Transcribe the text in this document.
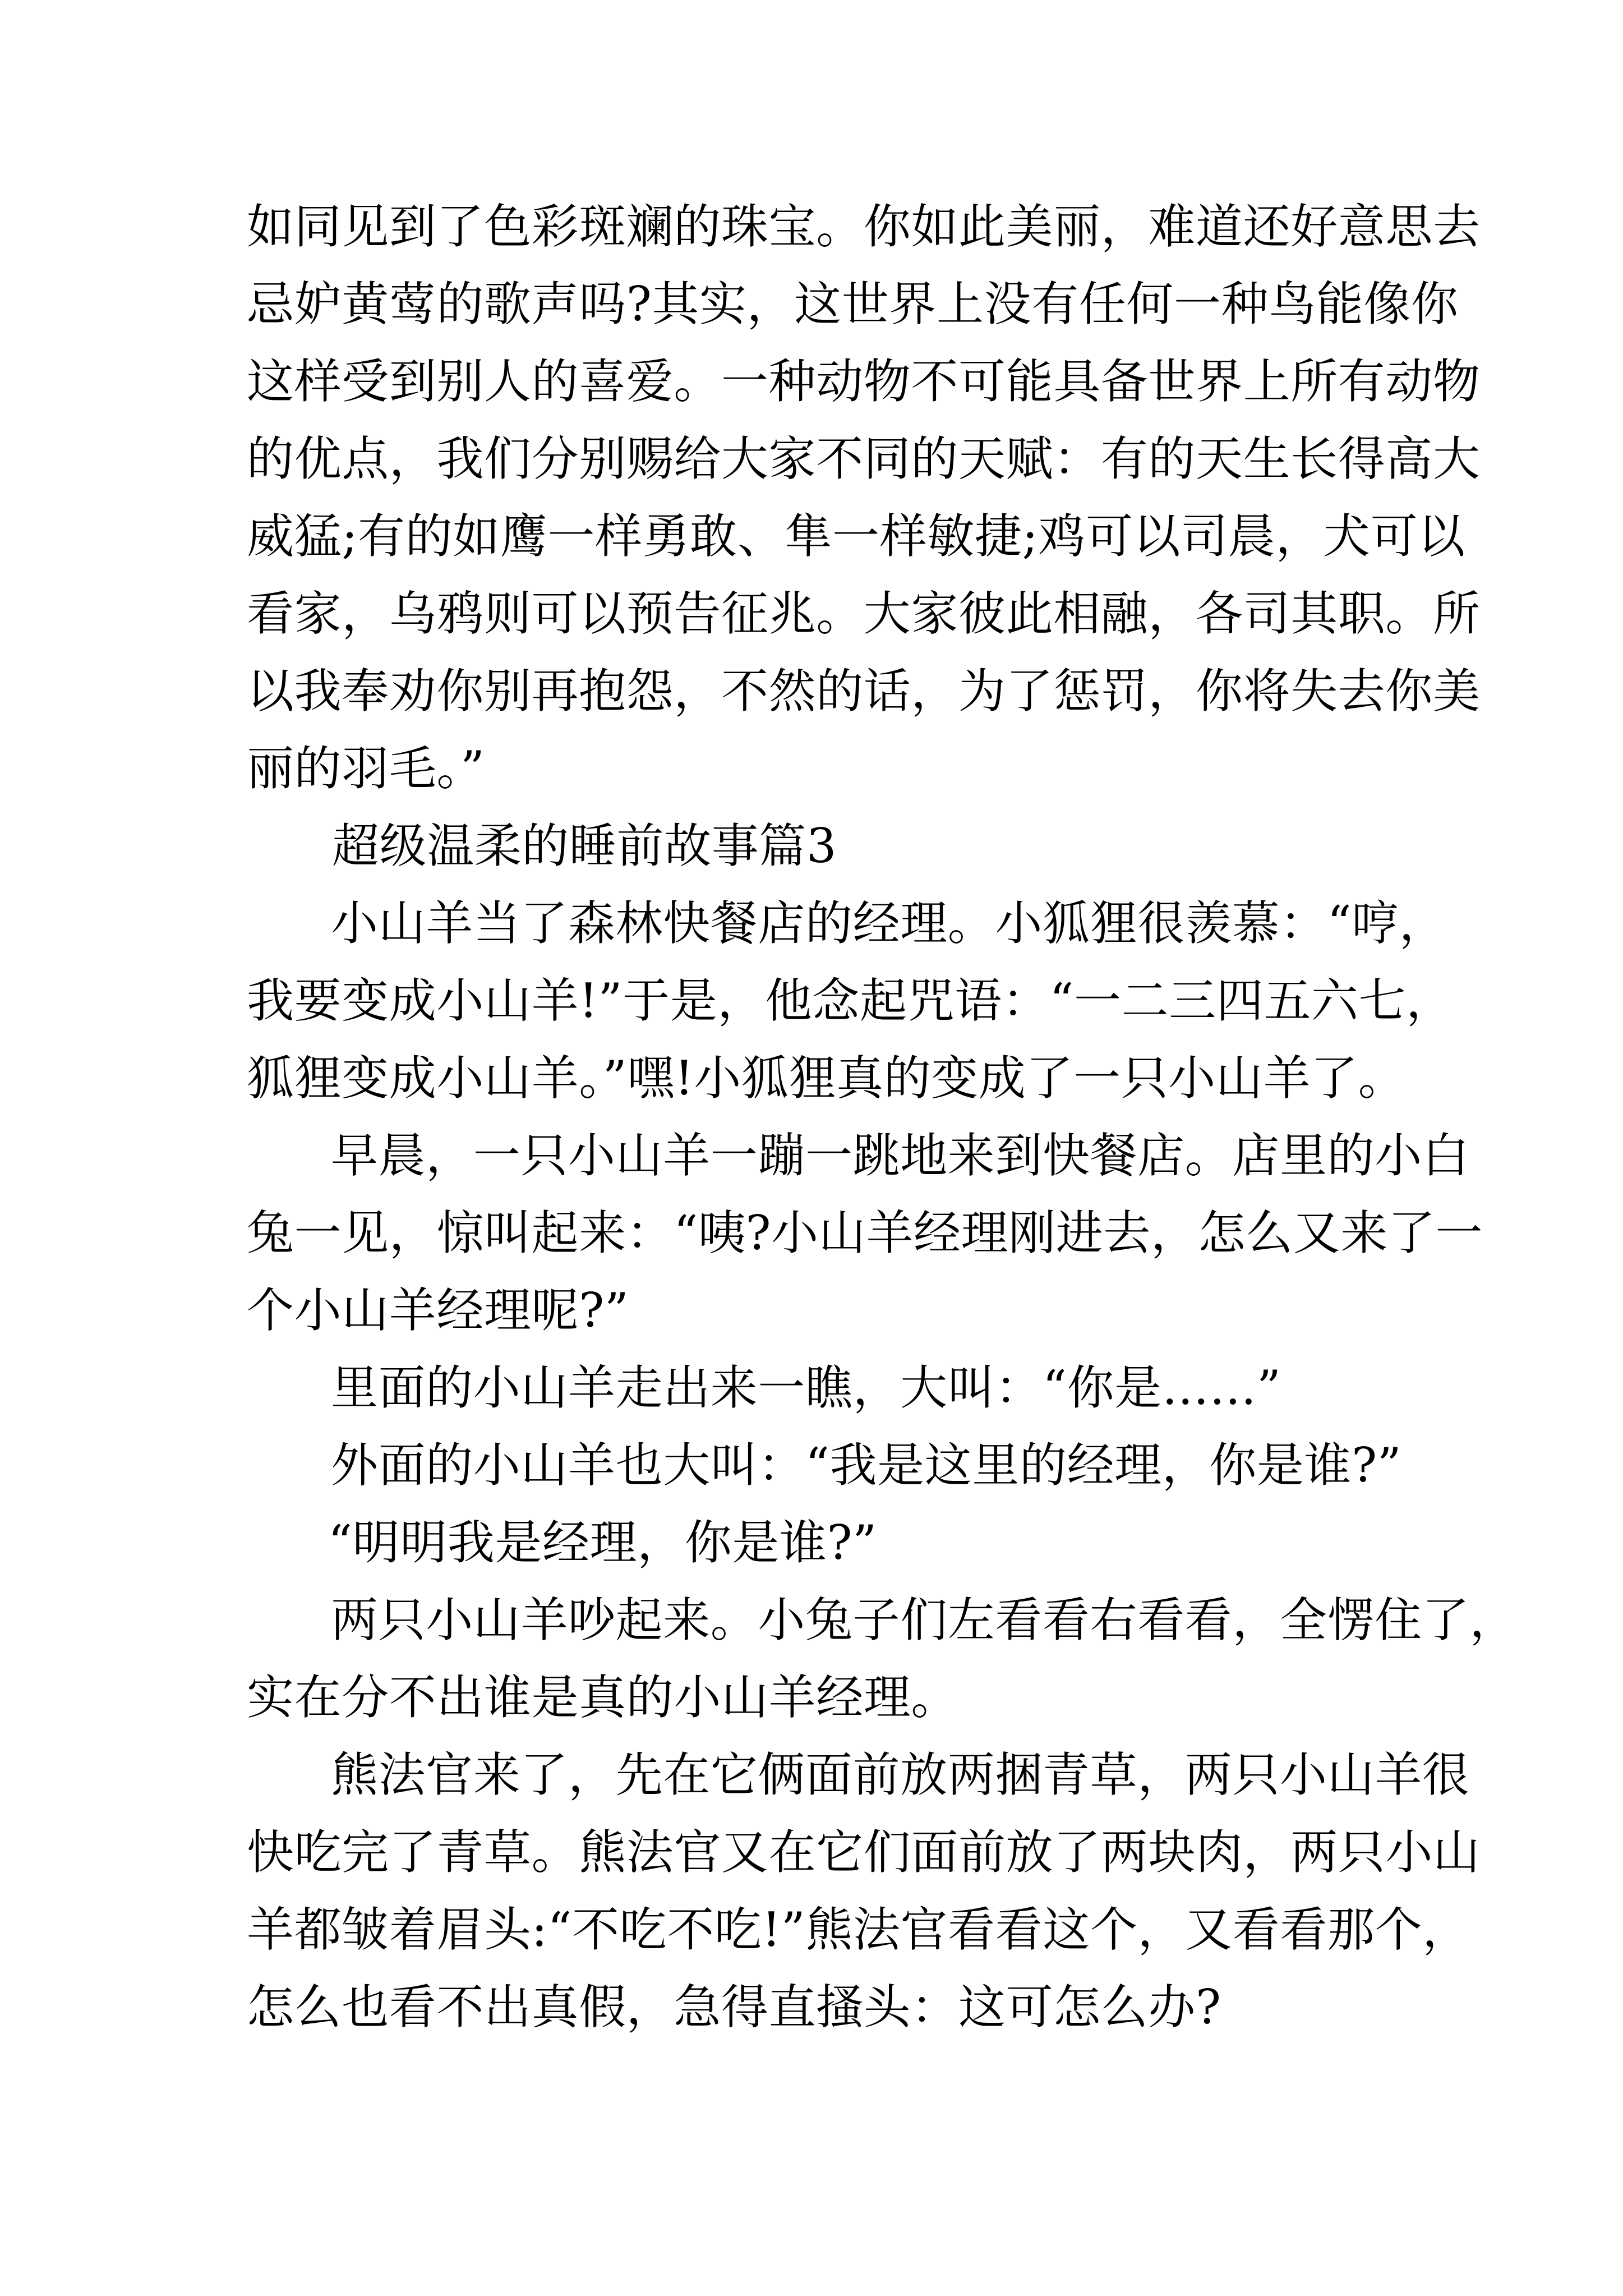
如同见到了色彩斑斓的珠宝。你如此美丽，难道还好意思去
忌妒黄莺的歌声吗?其实，这世界上没有任何一种鸟能像你
这样受到别人的喜爱。一种动物不可能具备世界上所有动物
的优点，我们分别赐给大家不同的天赋：有的天生长得高大
威猛;有的如鹰一样勇敢、隼一样敏捷;鸡可以司晨，犬可以
看家，乌鸦则可以预告征兆。大家彼此相融，各司其职。所
以我奉劝你别再抱怨，不然的话，为了惩罚，你将失去你美
丽的羽毛。”
超级温柔的睡前故事篇3
小山羊当了森林快餐店的经理。小狐狸很羡慕：“哼，
我要变成小山羊!”于是，他念起咒语：“一二三四五六七，
狐狸变成小山羊。”嘿!小狐狸真的变成了一只小山羊了。
早晨，一只小山羊一蹦一跳地来到快餐店。店里的小白
兔一见，惊叫起来：“咦?小山羊经理刚进去，怎么又来了一
个小山羊经理呢?”
里面的小山羊走出来一瞧，大叫：“你是……”
外面的小山羊也大叫：“我是这里的经理，你是谁?”
“明明我是经理，你是谁?”
两只小山羊吵起来。小兔子们左看看右看看，全愣住了，
实在分不出谁是真的小山羊经理。
熊法官来了，先在它俩面前放两捆青草，两只小山羊很
快吃完了青草。熊法官又在它们面前放了两块肉，两只小山
羊都皱着眉头:“不吃不吃!”熊法官看看这个，又看看那个，
怎么也看不出真假，急得直搔头：这可怎么办?
